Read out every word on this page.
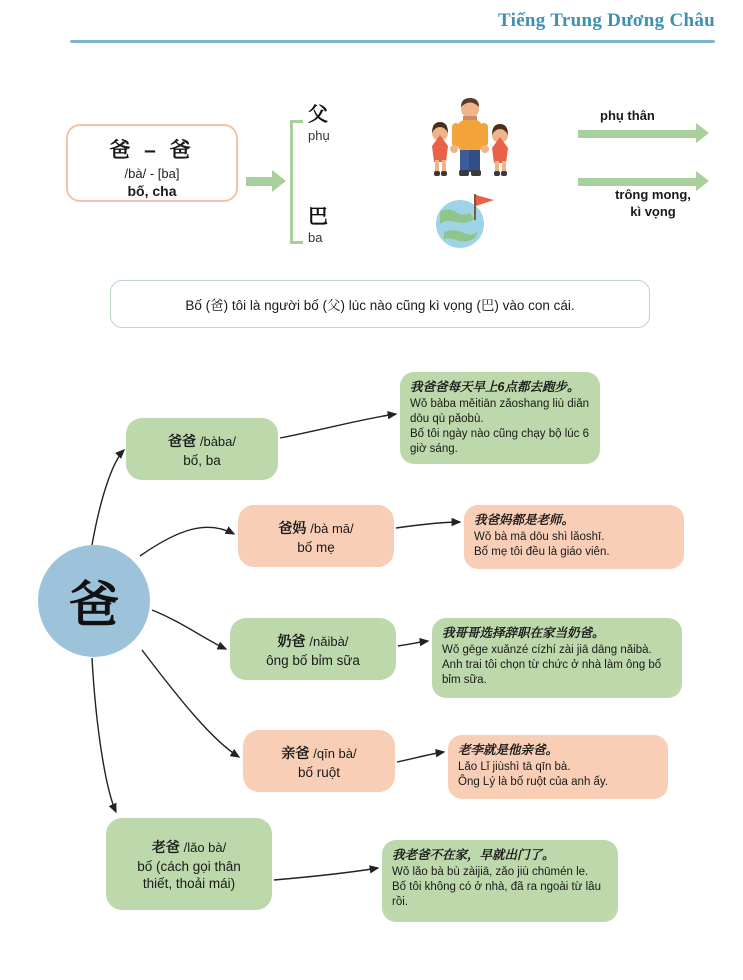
Tiếng Trung Dương Châu
爸 – 爸
/bà/ - [ba]
bố, cha
父
phụ
巴
ba
phụ thân
trông mong,
kì vọng
Bố (爸) tôi là người bố (父) lúc nào cũng kì vọng (巴) vào con cái.
爸
爸爸 /bàba/
bố, ba
我爸爸每天早上6点都去跑步。
Wǒ bàba měitiān zǎoshang liù diǎn dōu qù pǎobù.
Bố tôi ngày nào cũng chạy bộ lúc 6 giờ sáng.
爸妈 /bà mā/
bố mẹ
我爸妈都是老师。
Wǒ bà mā dōu shì lǎoshī.
Bố mẹ tôi đều là giáo viên.
奶爸 /nǎibà/
ông bố bỉm sữa
我哥哥选择辞职在家当奶爸。
Wǒ gēge xuǎnzé cízhí zài jiā dāng nǎibà.
Anh trai tôi chọn từ chức ở nhà làm ông bố bỉm sữa.
亲爸 /qīn bà/
bố ruột
老李就是他亲爸。
Lǎo Lǐ jiùshì tā qīn bà.
Ông Lý là bố ruột của anh ấy.
老爸 /lǎo bà/
bố (cách gọi thân
thiết, thoải mái)
我老爸不在家，早就出门了。
Wǒ lǎo bà bù zàijiā, zǎo jiù chūmén le.
Bố tôi không có ở nhà, đã ra ngoài từ lâu rồi.
